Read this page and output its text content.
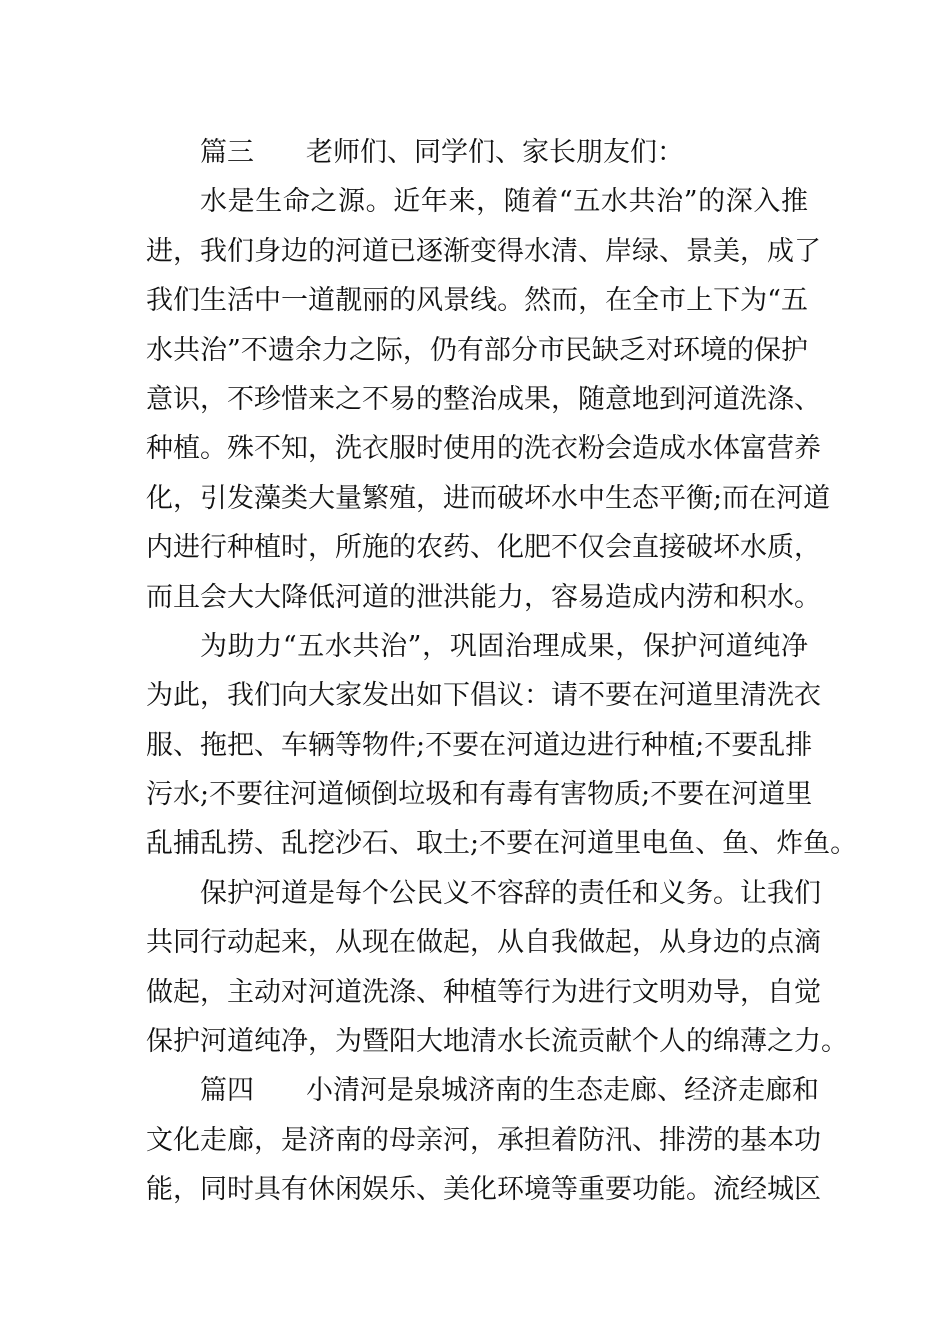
篇三 老师们、同学们、家长朋友们：
水是生命之源。近年来，随着“五水共治”的深入推
进，我们身边的河道已逐渐变得水清、岸绿、景美，成了
我们生活中一道靓丽的风景线。然而，在全市上下为“五
水共治”不遗余力之际，仍有部分市民缺乏对环境的保护
意识，不珍惜来之不易的整治成果，随意地到河道洗涤、
种植。殊不知，洗衣服时使用的洗衣粉会造成水体富营养
化，引发藻类大量繁殖，进而破坏水中生态平衡;而在河道
内进行种植时，所施的农药、化肥不仅会直接破坏水质，
而且会大大降低河道的泄洪能力，容易造成内涝和积水。
为助力“五水共治”，巩固治理成果，保护河道纯净
为此，我们向大家发出如下倡议：请不要在河道里清洗衣
服、拖把、车辆等物件;不要在河道边进行种植;不要乱排
污水;不要往河道倾倒垃圾和有毒有害物质;不要在河道里
乱捕乱捞、乱挖沙石、取土;不要在河道里电鱼、鱼、炸鱼。
保护河道是每个公民义不容辞的责任和义务。让我们
共同行动起来，从现在做起，从自我做起，从身边的点滴
做起，主动对河道洗涤、种植等行为进行文明劝导，自觉
保护河道纯净，为暨阳大地清水长流贡献个人的绵薄之力。
篇四 小清河是泉城济南的生态走廊、经济走廊和
文化走廊，是济南的母亲河，承担着防汛、排涝的基本功
能，同时具有休闲娱乐、美化环境等重要功能。流经城区
